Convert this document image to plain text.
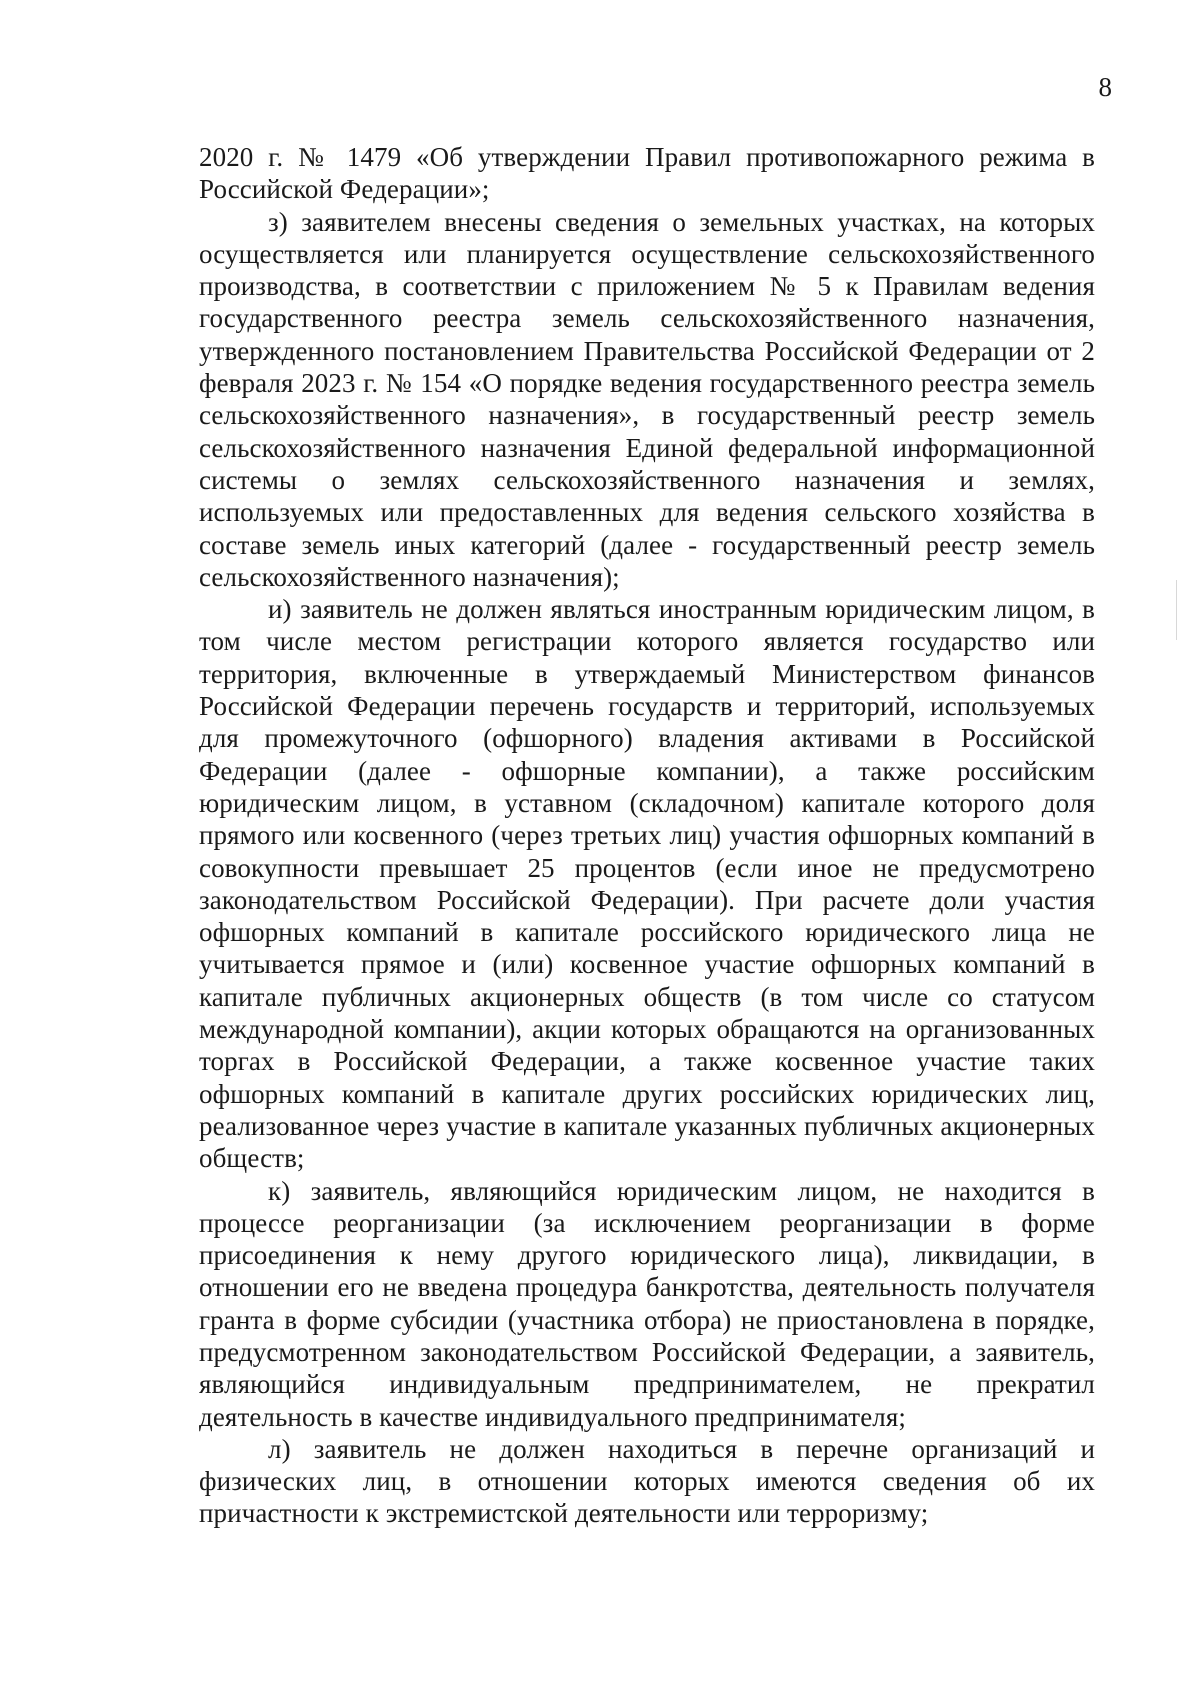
8

2020 г. № 1479 «Об утверждении Правил противопожарного режима в Российской Федерации»;

з) заявителем внесены сведения о земельных участках, на которых осуществляется или планируется осуществление сельскохозяйственного производства, в соответствии с приложением № 5 к Правилам ведения государственного реестра земель сельскохозяйственного назначения, утвержденного постановлением Правительства Российской Федерации от 2 февраля 2023 г. № 154 «О порядке ведения государственного реестра земель сельскохозяйственного назначения», в государственный реестр земель сельскохозяйственного назначения Единой федеральной информационной системы о землях сельскохозяйственного назначения и землях, используемых или предоставленных для ведения сельского хозяйства в составе земель иных категорий (далее - государственный реестр земель сельскохозяйственного назначения);

и) заявитель не должен являться иностранным юридическим лицом, в том числе местом регистрации которого является государство или территория, включенные в утверждаемый Министерством финансов Российской Федерации перечень государств и территорий, используемых для промежуточного (офшорного) владения активами в Российской Федерации (далее - офшорные компании), а также российским юридическим лицом, в уставном (складочном) капитале которого доля прямого или косвенного (через третьих лиц) участия офшорных компаний в совокупности превышает 25 процентов (если иное не предусмотрено законодательством Российской Федерации). При расчете доли участия офшорных компаний в капитале российского юридического лица не учитывается прямое и (или) косвенное участие офшорных компаний в капитале публичных акционерных обществ (в том числе со статусом международной компании), акции которых обращаются на организованных торгах в Российской Федерации, а также косвенное участие таких офшорных компаний в капитале других российских юридических лиц, реализованное через участие в капитале указанных публичных акционерных обществ;

к) заявитель, являющийся юридическим лицом, не находится в процессе реорганизации (за исключением реорганизации в форме присоединения к нему другого юридического лица), ликвидации, в отношении его не введена процедура банкротства, деятельность получателя гранта в форме субсидии (участника отбора) не приостановлена в порядке, предусмотренном законодательством Российской Федерации, а заявитель, являющийся индивидуальным предпринимателем, не прекратил деятельность в качестве индивидуального предпринимателя;

л) заявитель не должен находиться в перечне организаций и физических лиц, в отношении которых имеются сведения об их причастности к экстремистской деятельности или терроризму;
